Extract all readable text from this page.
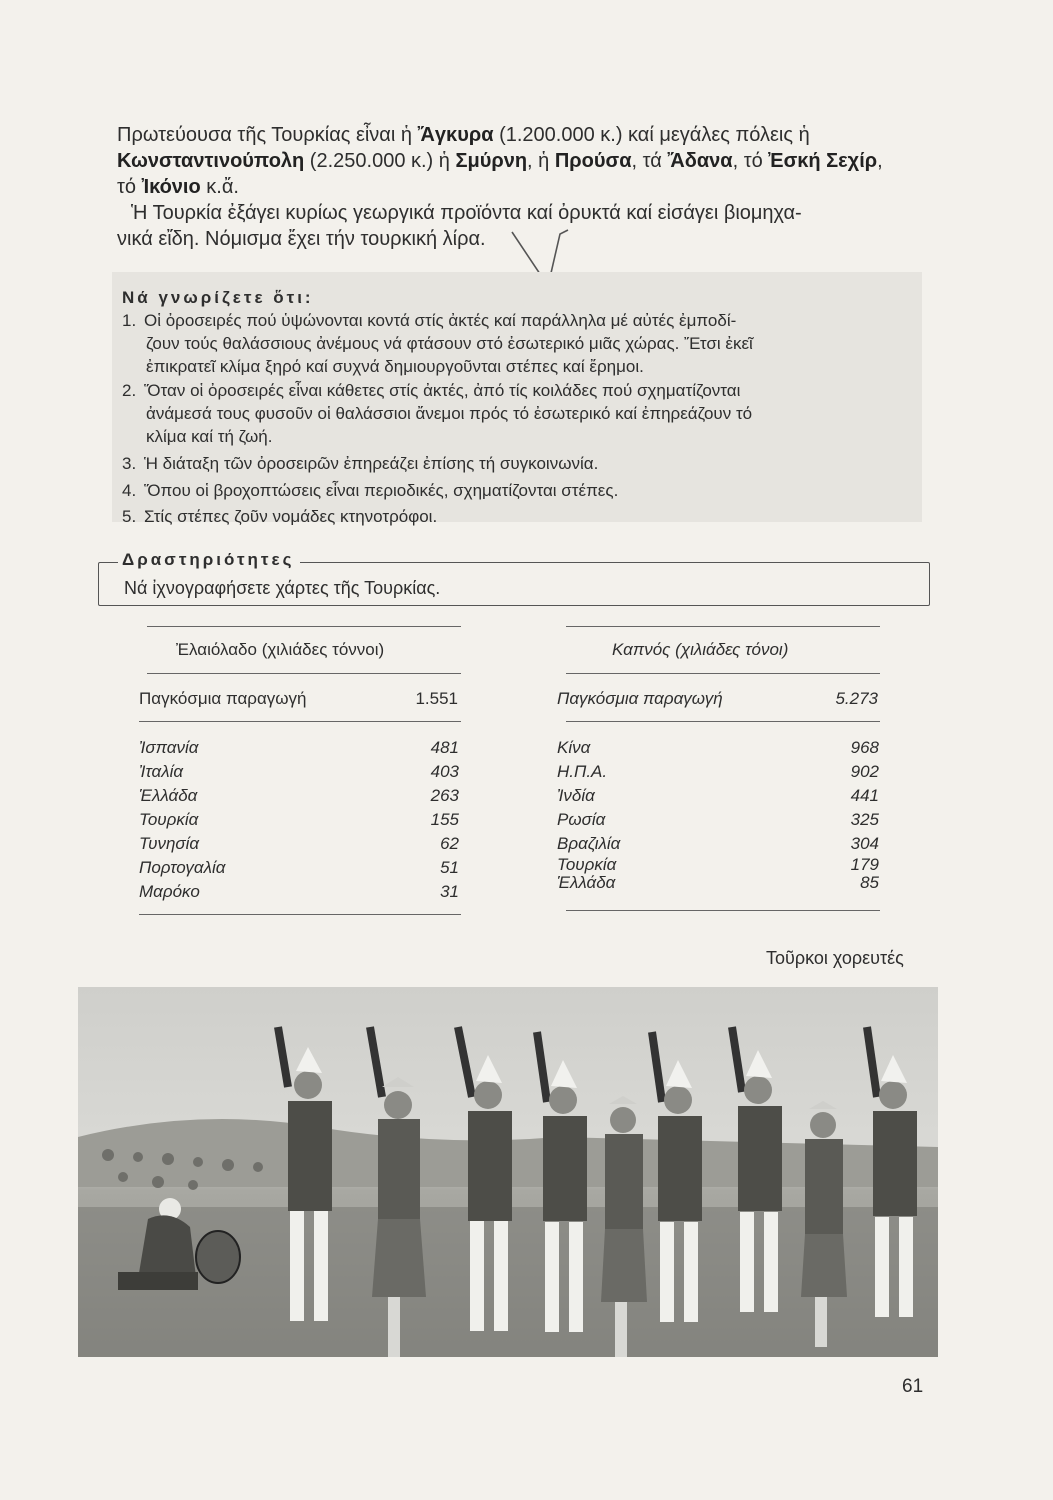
Πρωτεύουσα τῆς Τουρκίας εἶναι ἡ Ἄγκυρα (1.200.000 κ.) καί μεγάλες πόλεις ἡ
Κωνσταντινούπολη (2.250.000 κ.) ἡ Σμύρνη, ἡ Προύσα, τά Ἄδανα, τό Ἐσκή Σεχίρ,
τό Ἰκόνιο κ.ἄ.
Ἡ Τουρκία ἐξάγει κυρίως γεωργικά προϊόντα καί ὀρυκτά καί εἰσάγει βιομηχα-
νικά εἴδη. Νόμισμα ἔχει τήν τουρκική λίρα.
Νά γνωρίζετε ὅτι:
1. Οἱ ὀροσειρές πού ὑψώνονται κοντά στίς ἀκτές καί παράλληλα μέ αὐτές ἐμποδί-
ζουν τούς θαλάσσιους ἀνέμους νά φτάσουν στό ἐσωτερικό μιᾶς χώρας. Ἔτσι ἐκεῖ
ἐπικρατεῖ κλίμα ξηρό καί συχνά δημιουργοῦνται στέπες καί ἔρημοι.
2. Ὅταν οἱ ὀροσειρές εἶναι κάθετες στίς ἀκτές, ἀπό τίς κοιλάδες πού σχηματίζονται
ἀνάμεσά τους φυσοῦν οἱ θαλάσσιοι ἄνεμοι πρός τό ἐσωτερικό καί ἐπηρεάζουν τό
κλίμα καί τή ζωή.
3. Ἡ διάταξη τῶν ὀροσειρῶν ἐπηρεάζει ἐπίσης τή συγκοινωνία.
4. Ὅπου οἱ βροχοπτώσεις εἶναι περιοδικές, σχηματίζονται στέπες.
5. Στίς στέπες ζοῦν νομάδες κτηνοτρόφοι.
Δραστηριότητες
Νά ἰχνογραφήσετε χάρτες τῆς Τουρκίας.
Ἐλαιόλαδο (χιλιάδες τόννοι)
Παγκόσμια παραγωγή	1.551
Ἰσπανία	481
Ἰταλία	403
Ἑλλάδα	263
Τουρκία	155
Τυνησία	62
Πορτογαλία	51
Μαρόκο	31
Καπνός (χιλιάδες τόνοι)
Παγκόσμια παραγωγή	5.273
Κίνα	968
Η.Π.Α.	902
Ἰνδία	441
Ρωσία	325
Βραζιλία	304
Τουρκία	179
Ἑλλάδα	85
Τοῦρκοι χορευτές
61
